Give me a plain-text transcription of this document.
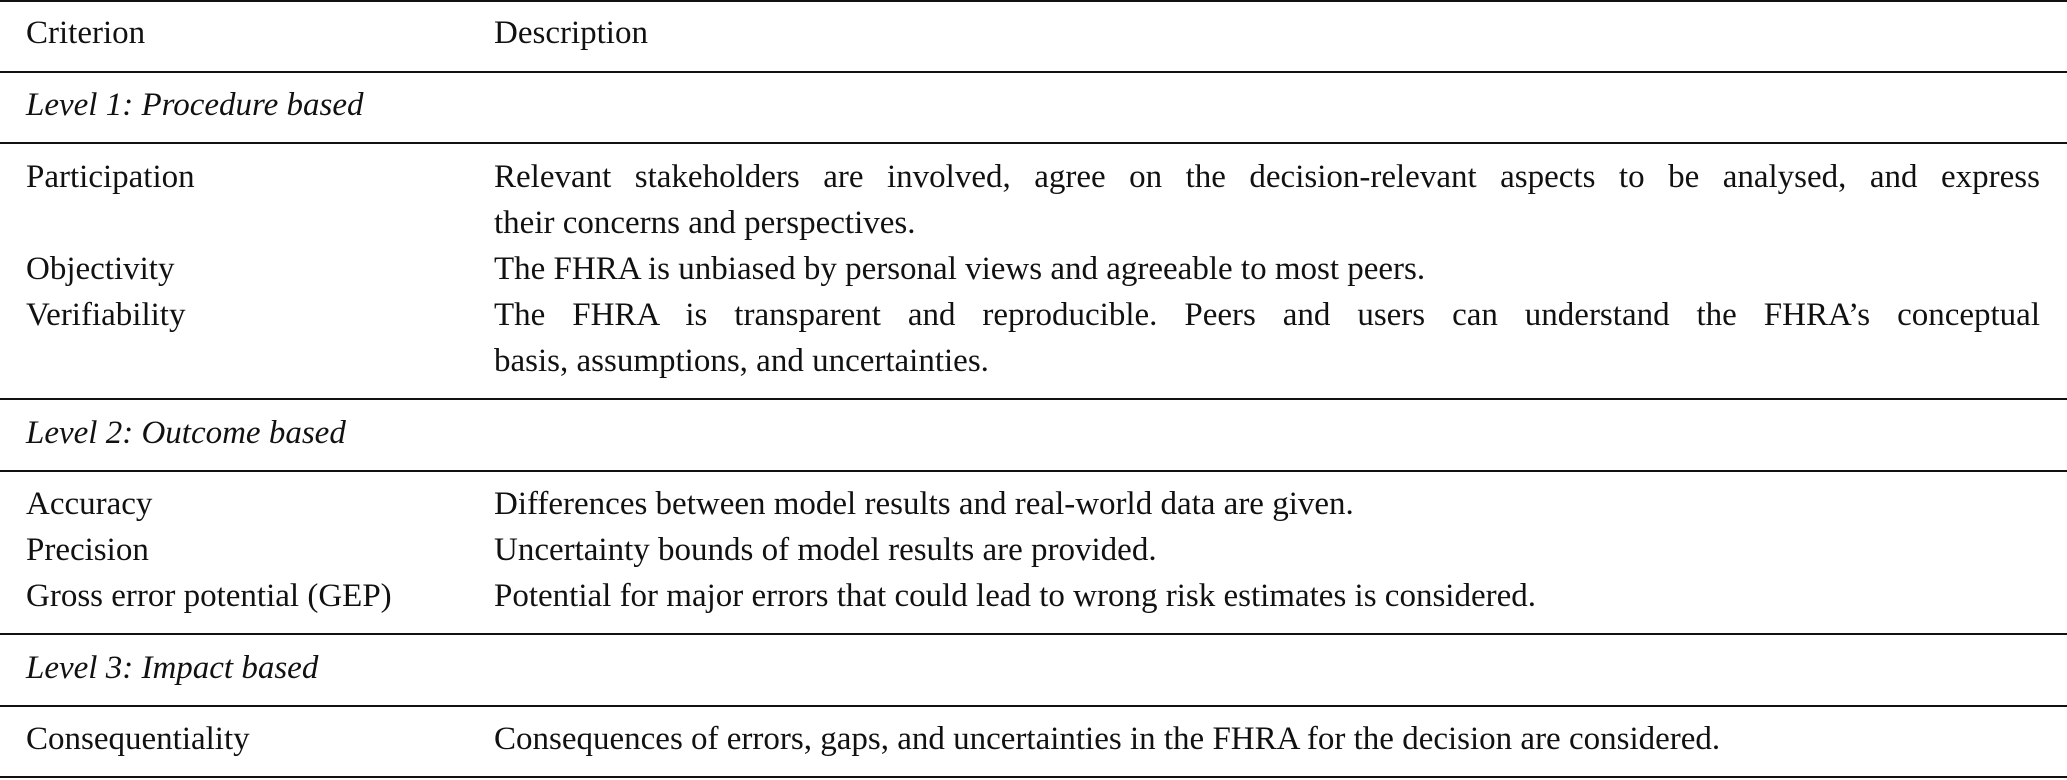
Criterion	Description
Level 1: Procedure based
Participation	Relevant stakeholders are involved, agree on the decision-relevant aspects to be analysed, and express
their concerns and perspectives.
Objectivity	The FHRA is unbiased by personal views and agreeable to most peers.
Verifiability	The FHRA is transparent and reproducible. Peers and users can understand the FHRA’s conceptual
basis, assumptions, and uncertainties.
Level 2: Outcome based
Accuracy	Differences between model results and real-world data are given.
Precision	Uncertainty bounds of model results are provided.
Gross error potential (GEP)	Potential for major errors that could lead to wrong risk estimates is considered.
Level 3: Impact based
Consequentiality	Consequences of errors, gaps, and uncertainties in the FHRA for the decision are considered.
